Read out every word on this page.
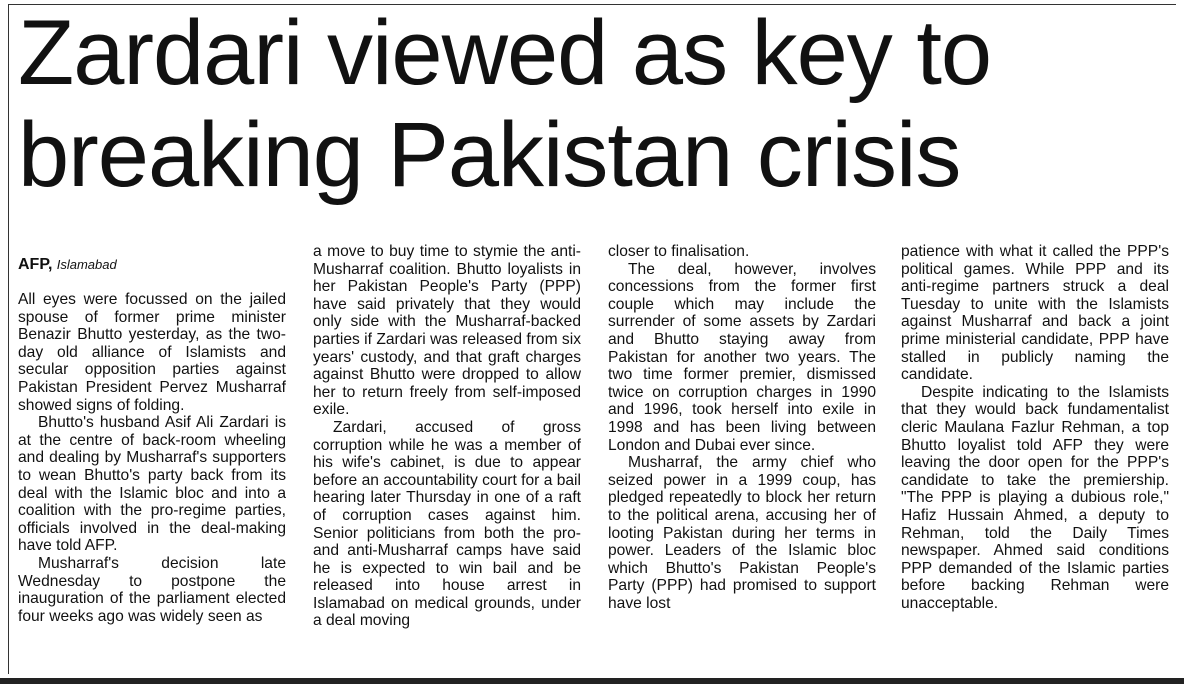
Zardari viewed as key to
breaking Pakistan crisis
AFP, Islamabad

All eyes were focussed on the jailed spouse of former prime minister Benazir Bhutto yesterday, as the two-day old alliance of Islamists and secular opposition parties against Pakistan President Pervez Musharraf showed signs of folding.

Bhutto's husband Asif Ali Zardari is at the centre of back-room wheeling and dealing by Musharraf's supporters to wean Bhutto's party back from its deal with the Islamic bloc and into a coalition with the pro-regime parties, officials involved in the deal-making have told AFP.

Musharraf's decision late Wednesday to postpone the inauguration of the parliament elected four weeks ago was widely seen as

a move to buy time to stymie the anti-Musharraf coalition. Bhutto loyalists in her Pakistan People's Party (PPP) have said privately that they would only side with the Musharraf-backed parties if Zardari was released from six years' custody, and that graft charges against Bhutto were dropped to allow her to return freely from self-imposed exile.

Zardari, accused of gross corruption while he was a member of his wife's cabinet, is due to appear before an accountability court for a bail hearing later Thursday in one of a raft of corruption cases against him. Senior politicians from both the pro- and anti-Musharraf camps have said he is expected to win bail and be released into house arrest in Islamabad on medical grounds, under a deal moving

closer to finalisation.

The deal, however, involves concessions from the former first couple which may include the surrender of some assets by Zardari and Bhutto staying away from Pakistan for another two years. The two time former premier, dismissed twice on corruption charges in 1990 and 1996, took herself into exile in 1998 and has been living between London and Dubai ever since.

Musharraf, the army chief who seized power in a 1999 coup, has pledged repeatedly to block her return to the political arena, accusing her of looting Pakistan during her terms in power. Leaders of the Islamic bloc which Bhutto's Pakistan People's Party (PPP) had promised to support have lost

patience with what it called the PPP's political games. While PPP and its anti-regime partners struck a deal Tuesday to unite with the Islamists against Musharraf and back a joint prime ministerial candidate, PPP have stalled in publicly naming the candidate.

Despite indicating to the Islamists that they would back fundamentalist cleric Maulana Fazlur Rehman, a top Bhutto loyalist told AFP they were leaving the door open for the PPP's candidate to take the premiership. "The PPP is playing a dubious role," Hafiz Hussain Ahmed, a deputy to Rehman, told the Daily Times newspaper. Ahmed said conditions PPP demanded of the Islamic parties before backing Rehman were unacceptable.
